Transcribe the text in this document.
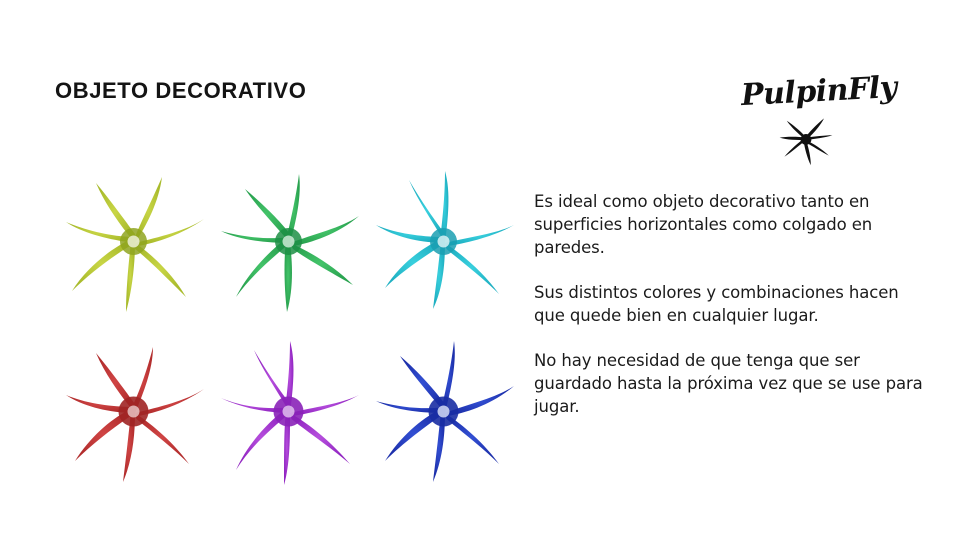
OBJETO DECORATIVO	PulpinFly

Es ideal como objeto decorativo tanto en superficies horizontales como colgado en paredes.

Sus distintos colores y combinaciones hacen que quede bien en cualquier lugar.

No hay necesidad de que tenga que ser guardado hasta la próxima vez que se use para jugar.
